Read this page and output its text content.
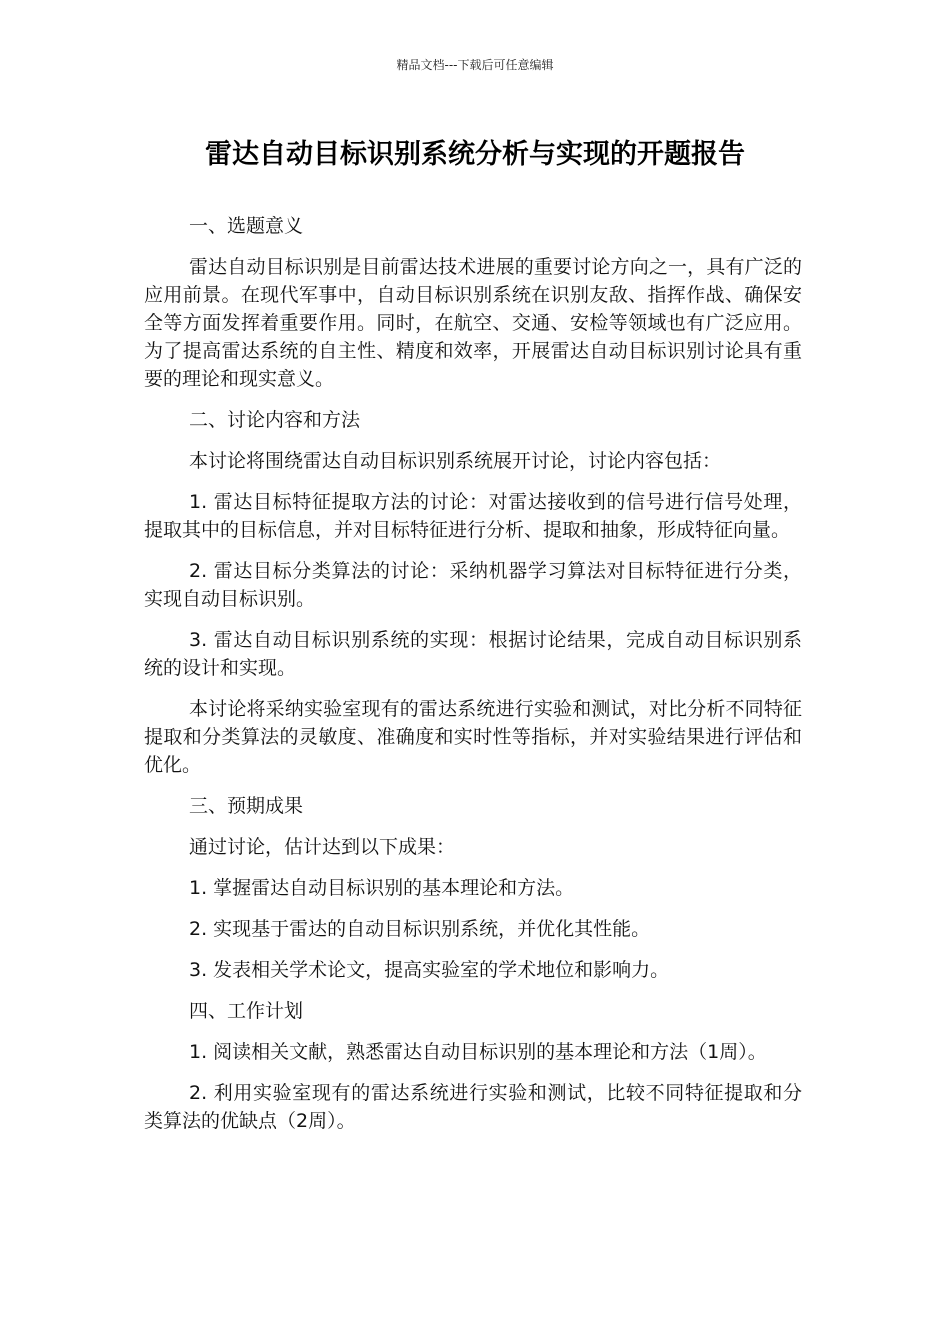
精品文档---下载后可任意编辑
雷达自动目标识别系统分析与实现的开题报告
一、选题意义
雷达自动目标识别是目前雷达技术进展的重要讨论方向之一，具有广泛的应用前景。在现代军事中，自动目标识别系统在识别友敌、指挥作战、确保安全等方面发挥着重要作用。同时，在航空、交通、安检等领域也有广泛应用。为了提高雷达系统的自主性、精度和效率，开展雷达自动目标识别讨论具有重要的理论和现实意义。
二、讨论内容和方法
本讨论将围绕雷达自动目标识别系统展开讨论，讨论内容包括：
1. 雷达目标特征提取方法的讨论：对雷达接收到的信号进行信号处理，提取其中的目标信息，并对目标特征进行分析、提取和抽象，形成特征向量。
2. 雷达目标分类算法的讨论：采纳机器学习算法对目标特征进行分类，实现自动目标识别。
3. 雷达自动目标识别系统的实现：根据讨论结果，完成自动目标识别系统的设计和实现。
本讨论将采纳实验室现有的雷达系统进行实验和测试，对比分析不同特征提取和分类算法的灵敏度、准确度和实时性等指标，并对实验结果进行评估和优化。
三、预期成果
通过讨论，估计达到以下成果：
1. 掌握雷达自动目标识别的基本理论和方法。
2. 实现基于雷达的自动目标识别系统，并优化其性能。
3. 发表相关学术论文，提高实验室的学术地位和影响力。
四、工作计划
1. 阅读相关文献，熟悉雷达自动目标识别的基本理论和方法（1周）。
2. 利用实验室现有的雷达系统进行实验和测试，比较不同特征提取和分类算法的优缺点（2周）。
